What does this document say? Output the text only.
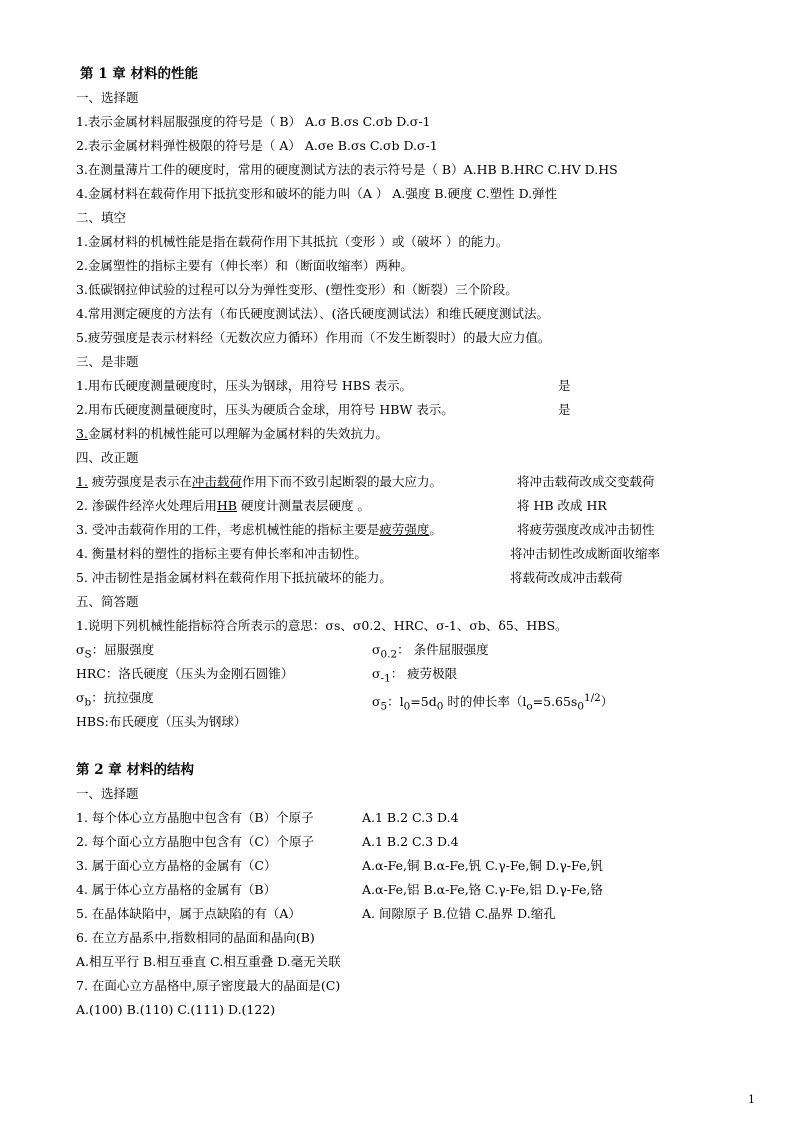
第 1 章 材料的性能
一、选择题
1.表示金属材料屈服强度的符号是（ B） A.σ B.σs C.σb D.σ-1
2.表示金属材料弹性极限的符号是（ A） A.σe B.σs C.σb D.σ-1
3.在测量薄片工件的硬度时，常用的硬度测试方法的表示符号是（ B）A.HB B.HRC C.HV D.HS
4.金属材料在载荷作用下抵抗变形和破坏的能力叫（A ） A.强度 B.硬度 C.塑性 D.弹性
二、填空
1.金属材料的机械性能是指在载荷作用下其抵抗（变形 ）或（破坏 ）的能力。
2.金属塑性的指标主要有（伸长率）和（断面收缩率）两种。
3.低碳钢拉伸试验的过程可以分为弹性变形、(塑性变形）和（断裂）三个阶段。
4.常用测定硬度的方法有（布氏硬度测试法）、(洛氏硬度测试法）和维氏硬度测试法。
5.疲劳强度是表示材料经（无数次应力循环）作用而（不发生断裂时）的最大应力值。
三、是非题
1.用布氏硬度测量硬度时，压头为钢球，用符号 HBS 表示。	是
2.用布氏硬度测量硬度时，压头为硬质合金球，用符号 HBW 表示。	是
3.金属材料的机械性能可以理解为金属材料的失效抗力。
四、改正题
1. 疲劳强度是表示在冲击载荷作用下而不致引起断裂的最大应力。	将冲击载荷改成交变载荷
2. 渗碳件经淬火处理后用HB 硬度计测量表层硬度 。	将 HB 改成 HR
3. 受冲击载荷作用的工件，考虑机械性能的指标主要是疲劳强度。	将疲劳强度改成冲击韧性
4. 衡量材料的塑性的指标主要有伸长率和冲击韧性。	将冲击韧性改成断面收缩率
5. 冲击韧性是指金属材料在载荷作用下抵抗破坏的能力。	将载荷改成冲击载荷
五、简答题
1.说明下列机械性能指标符合所表示的意思：σs、σ0.2、HRC、σ-1、σb、δ5、HBS。
$\sigma_S$：屈服强度	$\sigma_{0.2}$： 条件屈服强度
HRC：洛氏硬度（压头为金刚石圆锥）	$\sigma_{-1}$： 疲劳极限
$\sigma_b$：抗拉强度	$\sigma_5$：$l_0=5d_0$ 时的伸长率$(l_o=5.65s_0^{1/2})$
HBS:布氏硬度（压头为钢球）
第 2 章 材料的结构
一、选择题
1. 每个体心立方晶胞中包含有（B）个原子	A.1 B.2 C.3 D.4
2. 每个面心立方晶胞中包含有（C）个原子	A.1 B.2 C.3 D.4
3. 属于面心立方晶格的金属有（C）	A.α-Fe,铜 B.α-Fe,钒 C.γ-Fe,铜 D.γ-Fe,钒
4. 属于体心立方晶格的金属有（B）	A.α-Fe,铝 B.α-Fe,铬 C.γ-Fe,铝 D.γ-Fe,铬
5. 在晶体缺陷中，属于点缺陷的有（A）	A. 间隙原子 B.位错 C.晶界 D.缩孔
6. 在立方晶系中,指数相同的晶面和晶向(B)
A.相互平行 B.相互垂直 C.相互重叠 D.毫无关联
7. 在面心立方晶格中,原子密度最大的晶面是(C)
A.(100) B.(110) C.(111) D.(122)
1
